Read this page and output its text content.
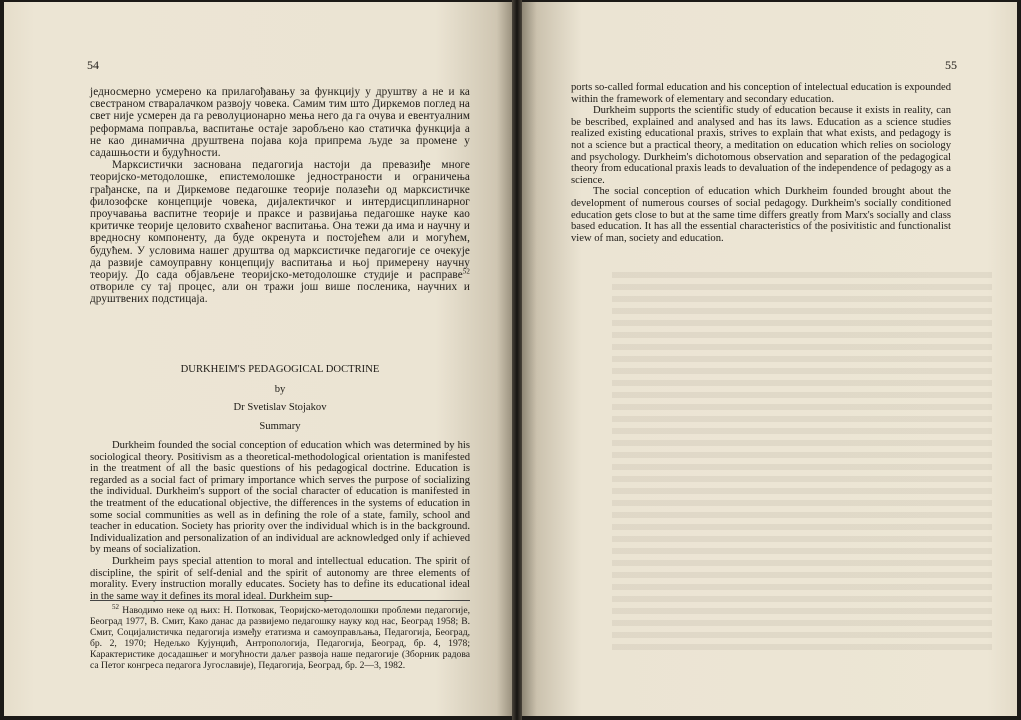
54

једносмерно усмерено ка прилагођавању за функцију у друштву а не и ка свестраном стваралачком развоју човека. Самим тим што Диркемов поглед на свет није усмерен да га револуционарно мења него да га очува и евентуалним реформама поправља, васпитање остаје заробљено као статичка функција а не као динамична друштвена појава која припрема људе за промене у садашњости и будућности.

Марксистички заснована педагогија настоји да превазиђе многе теоријско-методолошке, епистемолошке једностраности и ограничења грађанске, па и Диркемове педагошке теорије полазећи од марксистичке филозофске концепције човека, дијалектичког и интердисциплинарног проучавања васпитне теорије и праксе и развијања педагошке науке као критичке теорије целовито схваћеног васпитања. Она тежи да има и научну и вредносну компоненту, да буде окренута и постојећем али и могућем, будућем. У условима нашег друштва од марксистичке педагогије се очекује да развије самоуправну концепцију васпитања и њој примерену научну теорију. До сада објављене теоријско-методолошке студије и расправе$^{52}$ отвориле су тај процес, али он тражи још више посленика, научних и друштвених подстицаја.

DURKHEIM'S PEDAGOGICAL DOCTRINE
by
Dr Svetislav Stojakov
Summary

Durkheim founded the social conception of education which was determined by his sociological theory. Positivism as a theoretical-methodological orientation is manifested in the treatment of all the basic questions of his pedagogical doctrine. Education is regarded as a social fact of primary importance which serves the purpose of socializing the individual. Durkheim's support of the social character of education is manifested in the treatment of the educational objective, the differences in the systems of education in some social communities as well as in defining the role of a state, family, school and teacher in education. Society has priority over the individual which is in the background. Individualization and personalization of an individual are acknowledged only if achieved by means of socialization.

Durkheim pays special attention to moral and intellectual education. The spirit of discipline, the spirit of self-denial and the spirit of autonomy are three elements of morality. Every instruction morally educates. Society has to define its educational ideal in the same way it defines its moral ideal. Durkheim sup-

$^{52}$ Наводимо неке од њих: Н. Потковак, Теоријско-методолошки проблеми педагогије, Београд 1977, В. Смит, Како данас да развијемо педагошку науку код нас, Београд 1958; В. Смит, Социјалистичка педагогија између етатизма и самоуправљања, Педагогија, Београд, бр. 2, 1970; Недељко Кујунџић, Антропологија, Педагогија, Београд, бр. 4, 1978; Карактеристике досадашњег и могућности даљег развоја наше педагогије (Зборник радова са Петог конгреса педагога Југославије), Педагогија, Београд, бр. 2—3, 1982.

55

ports so-called formal education and his conception of intelectual education is expounded within the framework of elementary and secondary education.

Durkheim supports the scientific study of education because it exists in reality, can be bescribed, explained and analysed and has its laws. Education as a science studies realized existing educational praxis, strives to explain that what exists, and pedagogy is not a science but a practical theory, a meditation on education which relies on sociology and psychology. Durkheim's dichotomous observation and separation of the pedagogical theory from educational praxis leads to devaluation of the independence of pedagogy as a science.

The social conception of education which Durkheim founded brought about the development of numerous courses of social pedagogy. Durkheim's socially conditioned education gets close to but at the same time differs greatly from Marx's socially and class based education. It has all the essential characteristics of the posivitistic and functionalist view of man, society and education.
